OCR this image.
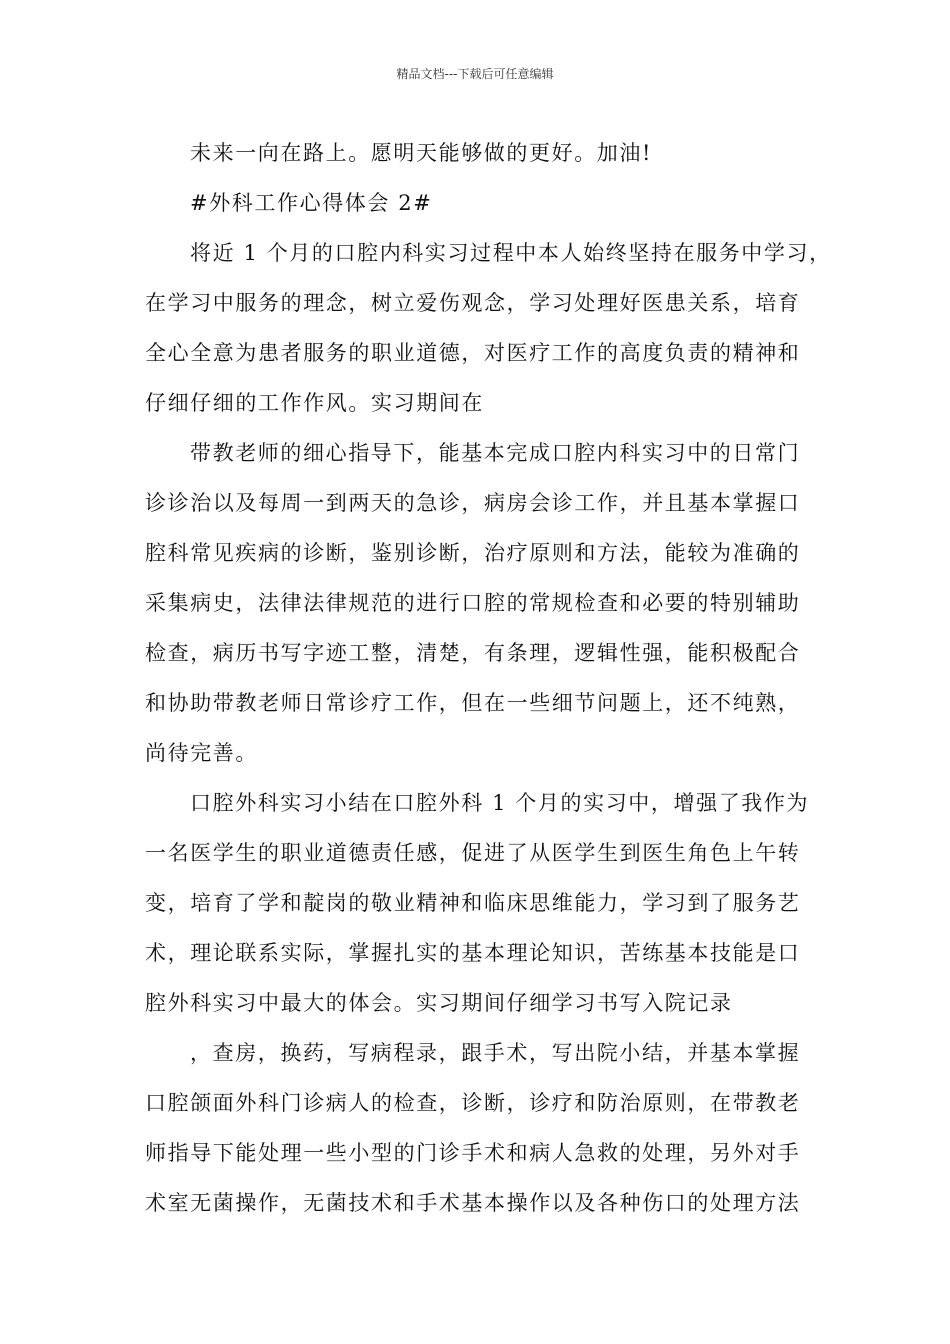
精品文档---下载后可任意编辑
未来一向在路上。愿明天能够做的更好。加油!
#外科工作心得体会 2#
将近 1 个月的口腔内科实习过程中本人始终坚持在服务中学习，
在学习中服务的理念，树立爱伤观念，学习处理好医患关系，培育
全心全意为患者服务的职业道德，对医疗工作的高度负责的精神和
仔细仔细的工作作风。实习期间在
带教老师的细心指导下，能基本完成口腔内科实习中的日常门
诊诊治以及每周一到两天的急诊，病房会诊工作，并且基本掌握口
腔科常见疾病的诊断，鉴别诊断，治疗原则和方法，能较为准确的
采集病史，法律法律规范的进行口腔的常规检查和必要的特别辅助
检查，病历书写字迹工整，清楚，有条理，逻辑性强，能积极配合
和协助带教老师日常诊疗工作，但在一些细节问题上，还不纯熟，
尚待完善。
口腔外科实习小结在口腔外科 1 个月的实习中，增强了我作为
一名医学生的职业道德责任感，促进了从医学生到医生角色上午转
变，培育了学和靛岗的敬业精神和临床思维能力，学习到了服务艺
术，理论联系实际，掌握扎实的基本理论知识，苦练基本技能是口
腔外科实习中最大的体会。实习期间仔细学习书写入院记录
，查房，换药，写病程录，跟手术，写出院小结，并基本掌握
口腔颌面外科门诊病人的检查，诊断，诊疗和防治原则，在带教老
师指导下能处理一些小型的门诊手术和病人急救的处理，另外对手
术室无菌操作，无菌技术和手术基本操作以及各种伤口的处理方法
